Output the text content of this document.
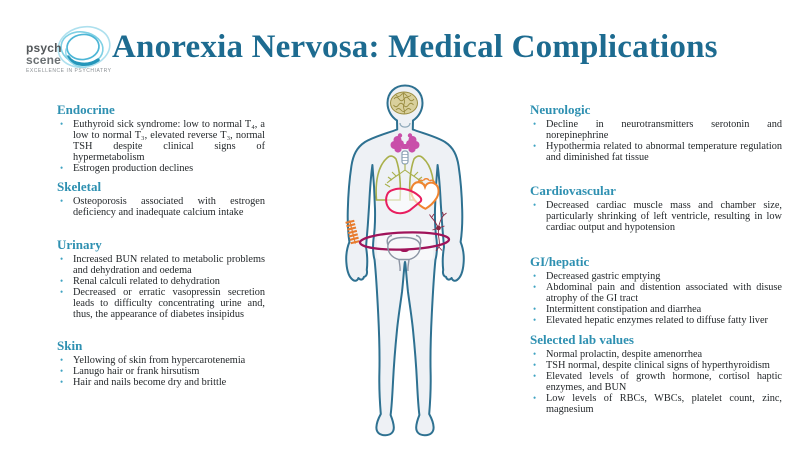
psych
scene
EXCELLENCE IN PSYCHIATRY
Anorexia Nervosa: Medical Complications
Endocrine
• Euthyroid sick syndrome: low to normal T₄, a low to normal T₃, elevated reverse T₃, normal TSH despite clinical signs of hypermetabolism
• Estrogen production declines
Skeletal
• Osteoporosis associated with estrogen deficiency and inadequate calcium intake
Urinary
• Increased BUN related to metabolic problems and dehydration and oedema
• Renal calculi related to dehydration
• Decreased or erratic vasopressin secretion leads to difficulty concentrating urine and, thus, the appearance of diabetes insipidus
Skin
• Yellowing of skin from hypercarotenemia
• Lanugo hair or frank hirsutism
• Hair and nails become dry and brittle
Neurologic
• Decline in neurotransmitters serotonin and norepinephrine
• Hypothermia related to abnormal temperature regulation and diminished fat tissue
Cardiovascular
• Decreased cardiac muscle mass and chamber size, particularly shrinking of left ventricle, resulting in low cardiac output and hypotension
GI/hepatic
• Decreased gastric emptying
• Abdominal pain and distention associated with disuse atrophy of the GI tract
• Intermittent constipation and diarrhea
• Elevated hepatic enzymes related to diffuse fatty liver
Selected lab values
• Normal prolactin, despite amenorrhea
• TSH normal, despite clinical signs of hyperthyroidism
• Elevated levels of growth hormone, cortisol haptic enzymes, and BUN
• Low levels of RBCs, WBCs, platelet count, zinc, magnesium
